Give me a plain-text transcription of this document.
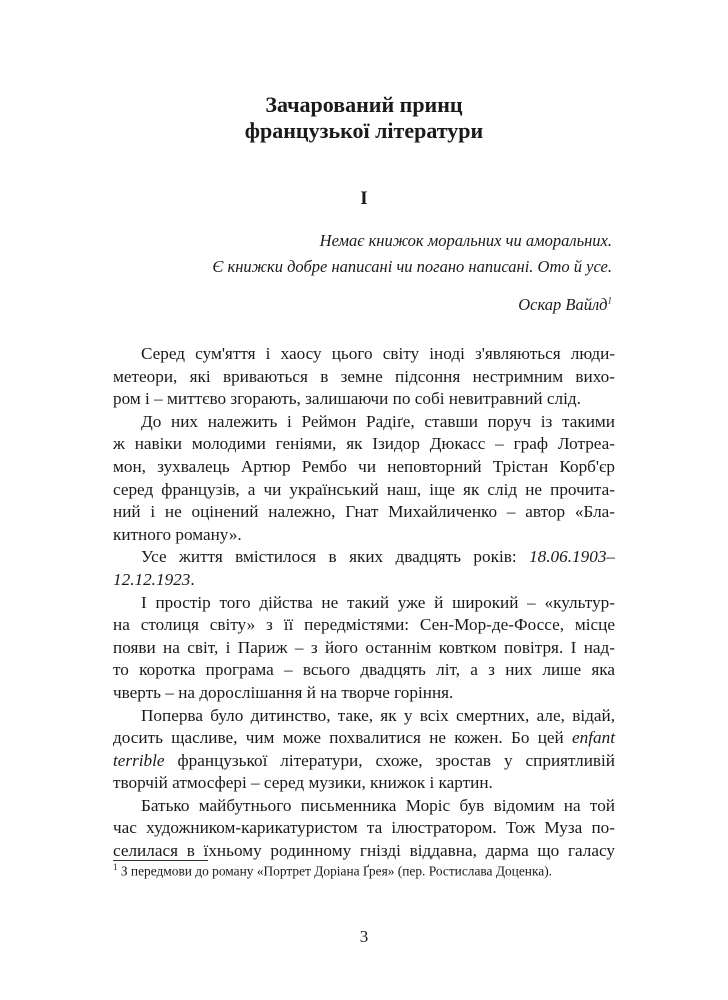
Зачарований принц
французької літератури
I
Немає книжок моральних чи аморальних.
Є книжки добре написані чи погано написані. Ото й усе.
Оскар Вайлд$^1$
Серед сум'яття і хаосу цього світу іноді з'являються люди-
метеори, які вриваються в земне підсоння нестримним вихо-
ром і – миттєво згорають, залишаючи по собі невитравний слід.
До них належить і Реймон Радіґе, ставши поруч із такими
ж навіки молодими геніями, як Ізидор Дюкасс – граф Лотреа-
мон, зухвалець Артюр Рембо чи неповторний Трістан Корб'єр
серед французів, а чи український наш, іще як слід не прочита-
ний і не оцінений належно, Гнат Михайличенко – автор «Бла-
китного роману».
Усе життя вмістилося в яких двадцять років: 18.06.1903–
12.12.1923.
І простір того дійства не такий уже й широкий – «культур-
на столиця світу» з її передмістями: Сен-Мор-де-Фоссе, місце
появи на світ, і Париж – з його останнім ковтком повітря. І над-
то коротка програма – всього двадцять літ, а з них лише яка
чверть – на дорослішання й на творче горіння.
Поперва було дитинство, таке, як у всіх смертних, але, відай,
досить щасливе, чим може похвалитися не кожен. Бо цей enfant
terrible французької літератури, схоже, зростав у сприятливій
творчій атмосфері – серед музики, книжок і картин.
Батько майбутнього письменника Моріс був відомим на той
час художником-карикатуристом та ілюстратором. Тож Муза по-
селилася в їхньому родинному гнізді віддавна, дарма що галасу
$^1$ З передмови до роману «Портрет Доріана Ґрея» (пер. Ростислава Доценка).
3
